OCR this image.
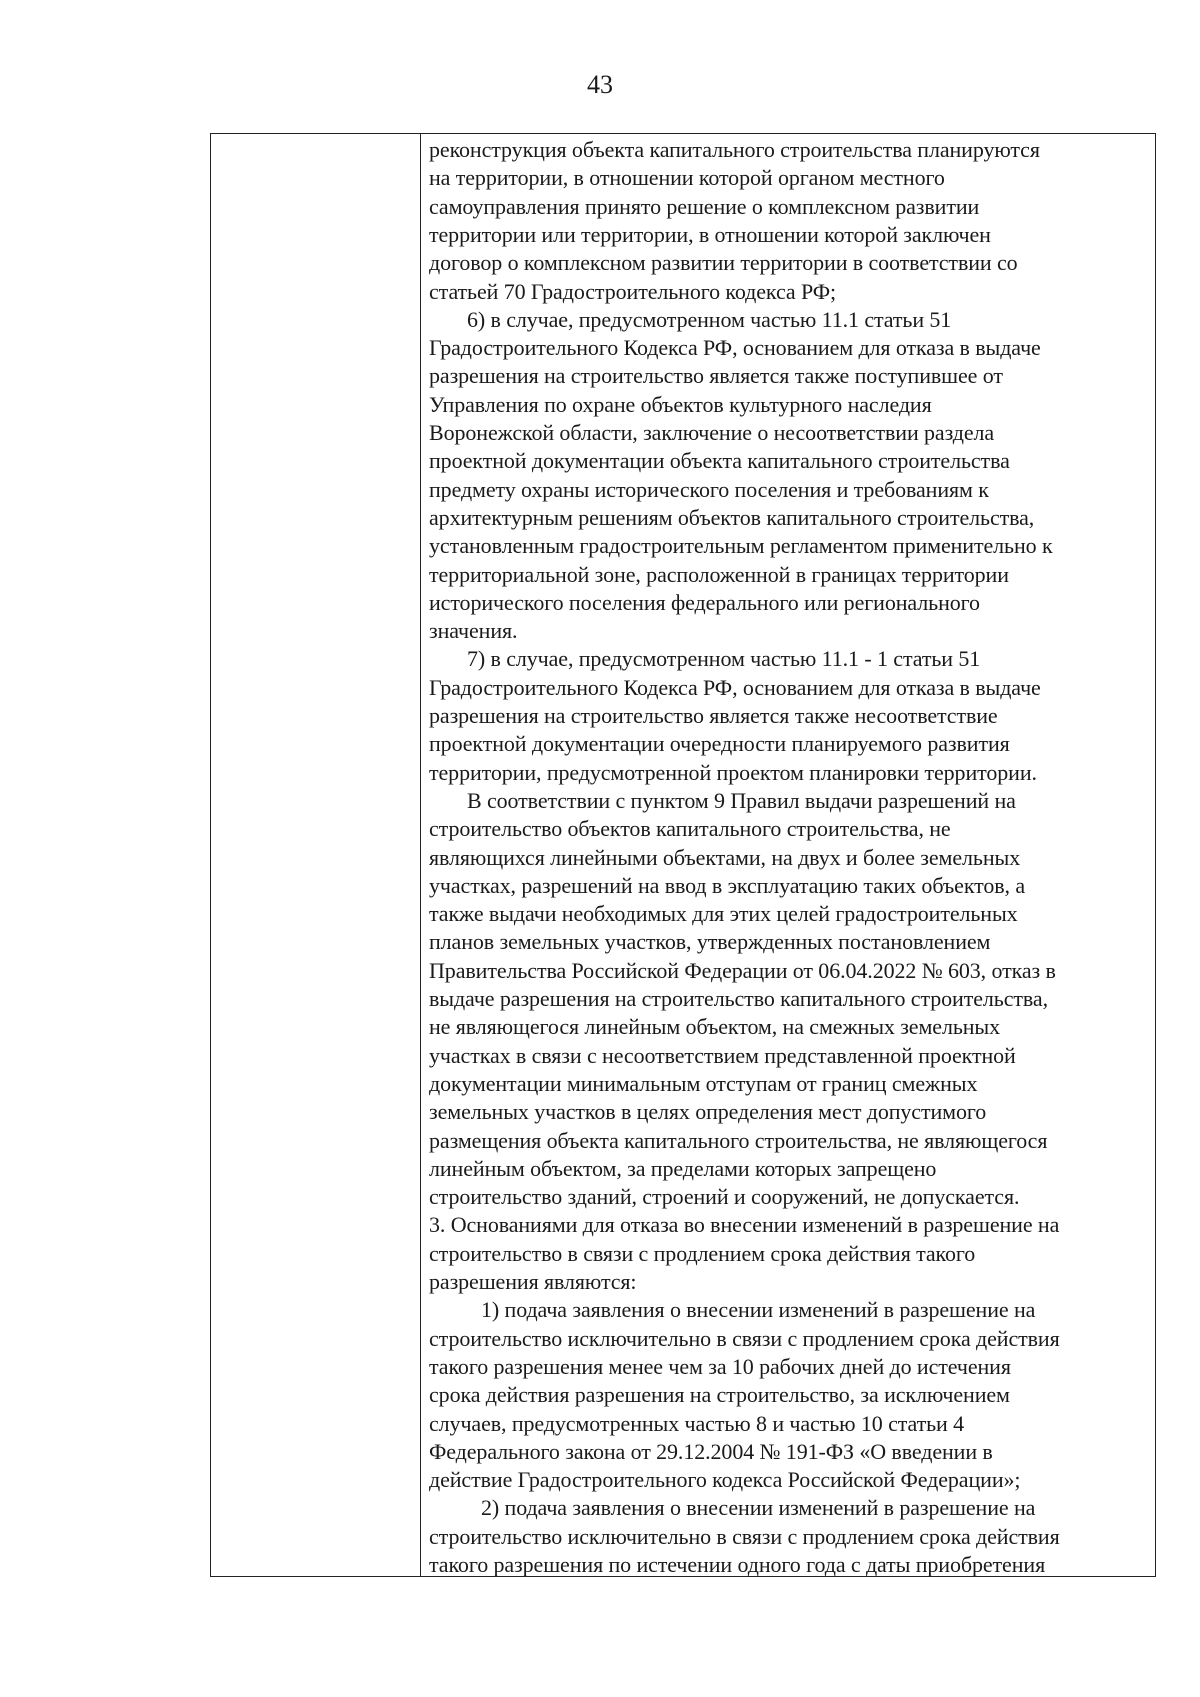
43
реконструкция объекта капитального строительства планируются
на территории, в отношении которой органом местного
самоуправления принято решение о комплексном развитии
территории или территории, в отношении которой заключен
договор о комплексном развитии территории в соответствии со
статьей 70 Градостроительного кодекса РФ;
6) в случае, предусмотренном частью 11.1 статьи 51
Градостроительного Кодекса РФ, основанием для отказа в выдаче
разрешения на строительство является также поступившее от
Управления по охране объектов культурного наследия
Воронежской области, заключение о несоответствии раздела
проектной документации объекта капитального строительства
предмету охраны исторического поселения и требованиям к
архитектурным решениям объектов капитального строительства,
установленным градостроительным регламентом применительно к
территориальной зоне, расположенной в границах территории
исторического поселения федерального или регионального
значения.
7) в случае, предусмотренном частью 11.1 - 1 статьи 51
Градостроительного Кодекса РФ, основанием для отказа в выдаче
разрешения на строительство является также несоответствие
проектной документации очередности планируемого развития
территории, предусмотренной проектом планировки территории.
В соответствии с пунктом 9 Правил выдачи разрешений на
строительство объектов капитального строительства, не
являющихся линейными объектами, на двух и более земельных
участках, разрешений на ввод в эксплуатацию таких объектов, а
также выдачи необходимых для этих целей градостроительных
планов земельных участков, утвержденных постановлением
Правительства Российской Федерации от 06.04.2022 № 603, отказ в
выдаче разрешения на строительство капитального строительства,
не являющегося линейным объектом, на смежных земельных
участках в связи с несоответствием представленной проектной
документации минимальным отступам от границ смежных
земельных участков в целях определения мест допустимого
размещения объекта капитального строительства, не являющегося
линейным объектом, за пределами которых запрещено
строительство зданий, строений и сооружений, не допускается.
3. Основаниями для отказа во внесении изменений в разрешение на
строительство в связи с продлением срока действия такого
разрешения являются:
1) подача заявления о внесении изменений в разрешение на
строительство исключительно в связи с продлением срока действия
такого разрешения менее чем за 10 рабочих дней до истечения
срока действия разрешения на строительство, за исключением
случаев, предусмотренных частью 8 и частью 10 статьи 4
Федерального закона от 29.12.2004 № 191-ФЗ «О введении в
действие Градостроительного кодекса Российской Федерации»;
2) подача заявления о внесении изменений в разрешение на
строительство исключительно в связи с продлением срока действия
такого разрешения по истечении одного года с даты приобретения
